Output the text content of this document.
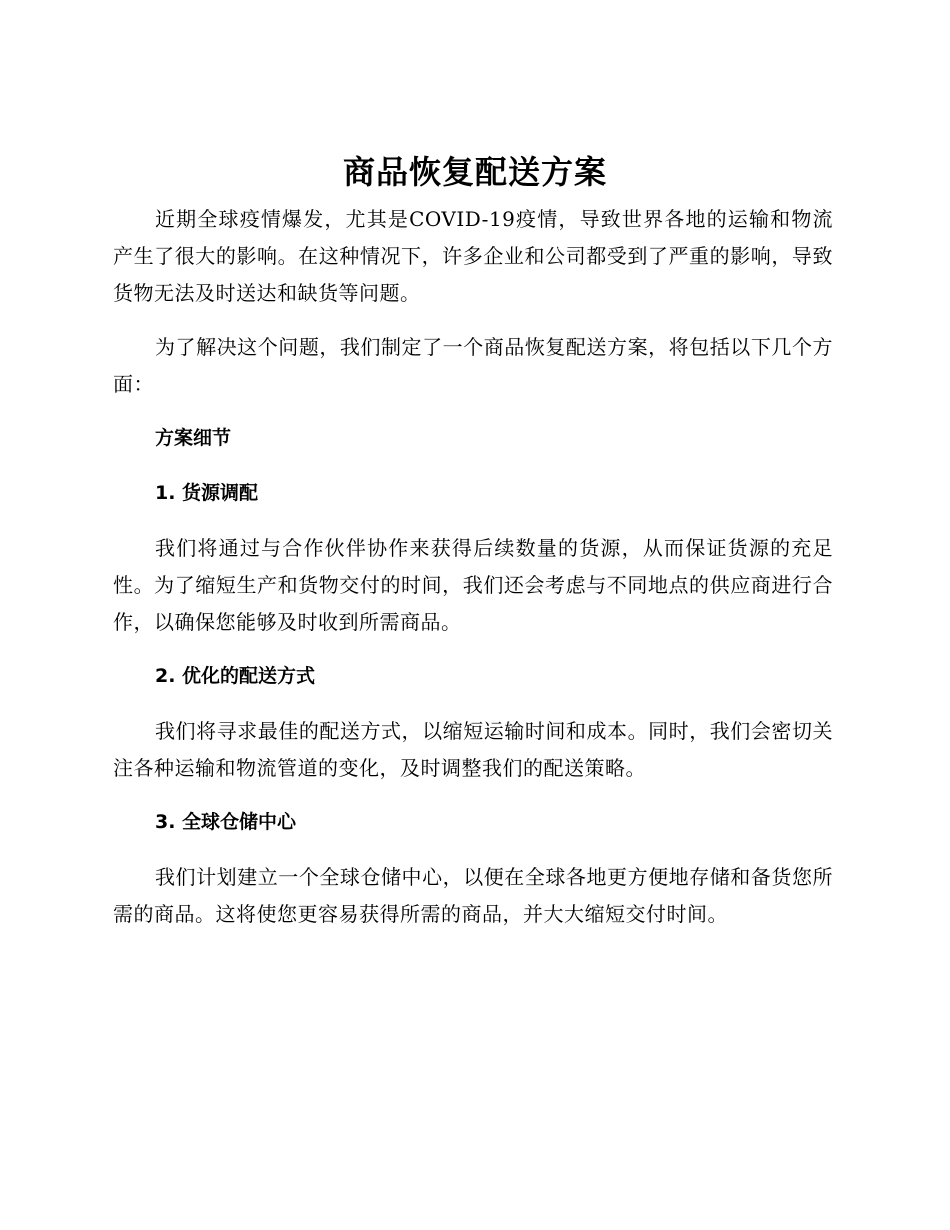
商品恢复配送方案

近期全球疫情爆发，尤其是COVID-19疫情，导致世界各地的运输和物流产生了很大的影响。在这种情况下，许多企业和公司都受到了严重的影响，导致货物无法及时送达和缺货等问题。

为了解决这个问题，我们制定了一个商品恢复配送方案，将包括以下几个方面：

方案细节
1. 货源调配

我们将通过与合作伙伴协作来获得后续数量的货源，从而保证货源的充足性。为了缩短生产和货物交付的时间，我们还会考虑与不同地点的供应商进行合作，以确保您能够及时收到所需商品。

2. 优化的配送方式

我们将寻求最佳的配送方式，以缩短运输时间和成本。同时，我们会密切关注各种运输和物流管道的变化，及时调整我们的配送策略。

3. 全球仓储中心

我们计划建立一个全球仓储中心，以便在全球各地更方便地存储和备货您所需的商品。这将使您更容易获得所需的商品，并大大缩短交付时间。
